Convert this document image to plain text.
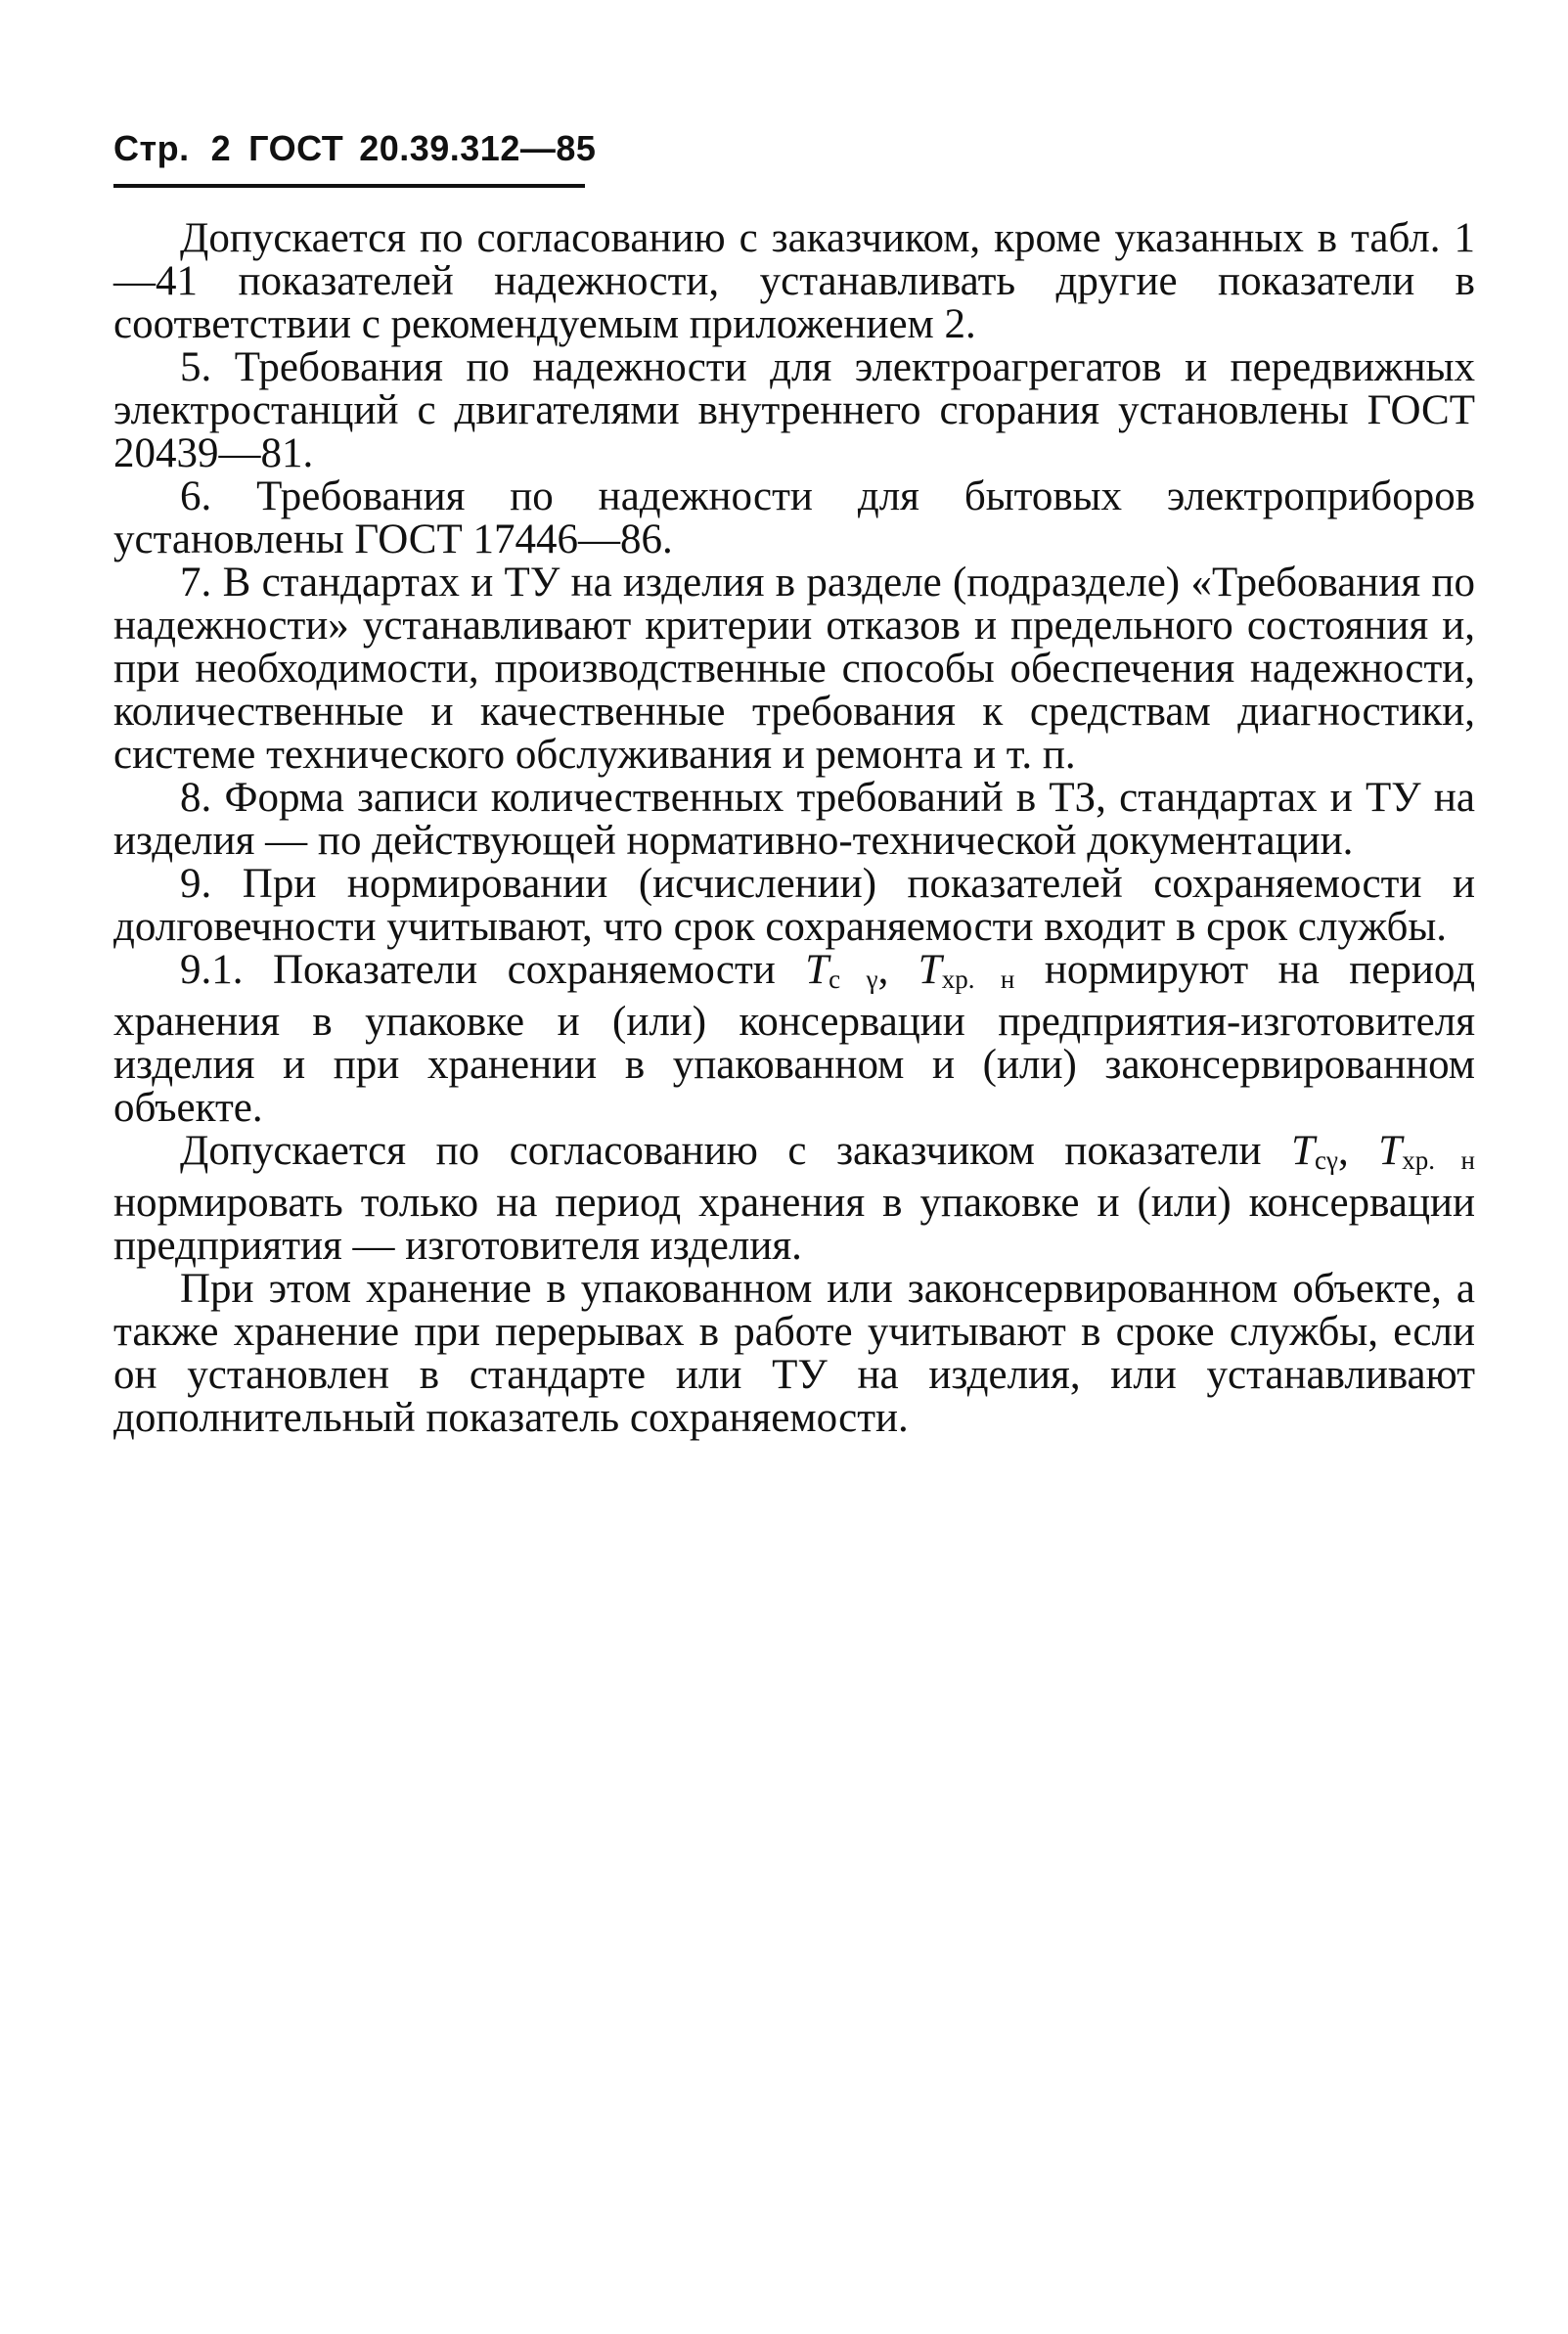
Стр. 2 ГОСТ 20.39.312—85

Допускается по согласованию с заказчиком, кроме указанных в табл. 1—41 показателей надежности, устанавливать другие показатели в соответствии с рекомендуемым приложением 2.

5. Требования по надежности для электроагрегатов и передвижных электростанций с двигателями внутреннего сгорания установлены ГОСТ 20439—81.

6. Требования по надежности для бытовых электроприборов установлены ГОСТ 17446—86.

7. В стандартах и ТУ на изделия в разделе (подразделе) «Требования по надежности» устанавливают критерии отказов и предельного состояния и, при необходимости, производственные способы обеспечения надежности, количественные и качественные требования к средствам диагностики, системе технического обслуживания и ремонта и т. п.

8. Форма записи количественных требований в ТЗ, стандартах и ТУ на изделия — по действующей нормативно-технической документации.

9. При нормировании (исчислении) показателей сохраняемости и долговечности учитывают, что срок сохраняемости входит в срок службы.

9.1. Показатели сохраняемости Tс γ, Tхр. н нормируют на период хранения в упаковке и (или) консервации предприятия-изготовителя изделия и при хранении в упакованном и (или) законсервированном объекте.

Допускается по согласованию с заказчиком показатели Tсγ, Tхр. н нормировать только на период хранения в упаковке и (или) консервации предприятия — изготовителя изделия.

При этом хранение в упакованном или законсервированном объекте, а также хранение при перерывах в работе учитывают в сроке службы, если он установлен в стандарте или ТУ на изделия, или устанавливают дополнительный показатель сохраняемости.
